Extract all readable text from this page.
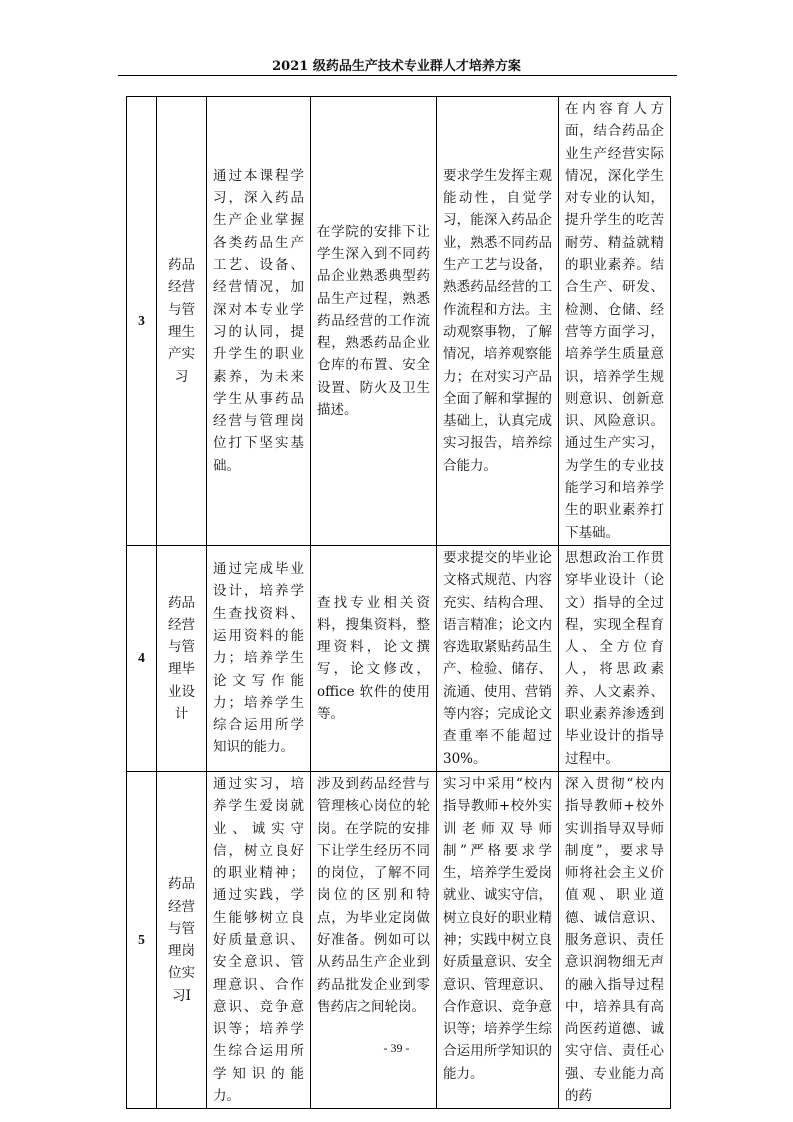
2021 级药品生产技术专业群人才培养方案
3	药品经营与管理生产实习	通过本课程学习，深入药品生产企业掌握各类药品生产工艺、设备、经营情况，加深对本专业学习的认同，提升学生的职业素养，为未来学生从事药品经营与管理岗位打下坚实基础。	在学院的安排下让学生深入到不同药品企业熟悉典型药品生产过程，熟悉药品经营的工作流程，熟悉药品企业仓库的布置、安全设置、防火及卫生描述。	要求学生发挥主观能动性，自觉学习，能深入药品企业，熟悉不同药品生产工艺与设备，熟悉药品经营的工作流程和方法。主动观察事物，了解情况，培养观察能力；在对实习产品全面了解和掌握的基础上，认真完成实习报告，培养综合能力。	在内容育人方面，结合药品企业生产经营实际情况，深化学生对专业的认知，提升学生的吃苦耐劳、精益就精的职业素养。结合生产、研发、检测、仓储、经营等方面学习，培养学生质量意识，培养学生规则意识、创新意识、风险意识。通过生产实习，为学生的专业技能学习和培养学生的职业素养打下基础。
4	药品经营与管理毕业设计	通过完成毕业设计，培养学生查找资料、运用资料的能力；培养学生论文写作能力；培养学生综合运用所学知识的能力。	查找专业相关资料，搜集资料，整理资料，论文撰写，论文修改，office 软件的使用等。	要求提交的毕业论文格式规范、内容充实、结构合理、语言精准；论文内容选取紧贴药品生产、检验、储存、流通、使用、营销等内容；完成论文查重率不能超过 30%。	思想政治工作贯穿毕业设计（论文）指导的全过程，实现全程育人、全方位育人，将思政素养、人文素养、职业素养渗透到毕业设计的指导过程中。
5	药品经营与管理岗位实习Ⅰ	通过实习，培养学生爱岗就业、诚实守信，树立良好的职业精神；通过实践，学生能够树立良好质量意识、安全意识、管理意识、合作意识、竞争意识等；培养学生综合运用所学知识的能力。	涉及到药品经营与管理核心岗位的轮岗。在学院的安排下让学生经历不同的岗位，了解不同岗位的区别和特点，为毕业定岗做好准备。例如可以从药品生产企业到药品批发企业到零售药店之间轮岗。	实习中采用“校内指导教师+校外实训老师双导师制”严格要求学生，培养学生爱岗就业、诚实守信，树立良好的职业精神；实践中树立良好质量意识、安全意识、管理意识、合作意识、竞争意识等；培养学生综合运用所学知识的能力。	深入贯彻“校内指导教师+校外实训指导双导师制度”，要求导师将社会主义价值观、职业道德、诚信意识、服务意识、责任意识润物细无声的融入指导过程中，培养具有高尚医药道德、诚实守信、责任心强、专业能力高的药
- 39 -
